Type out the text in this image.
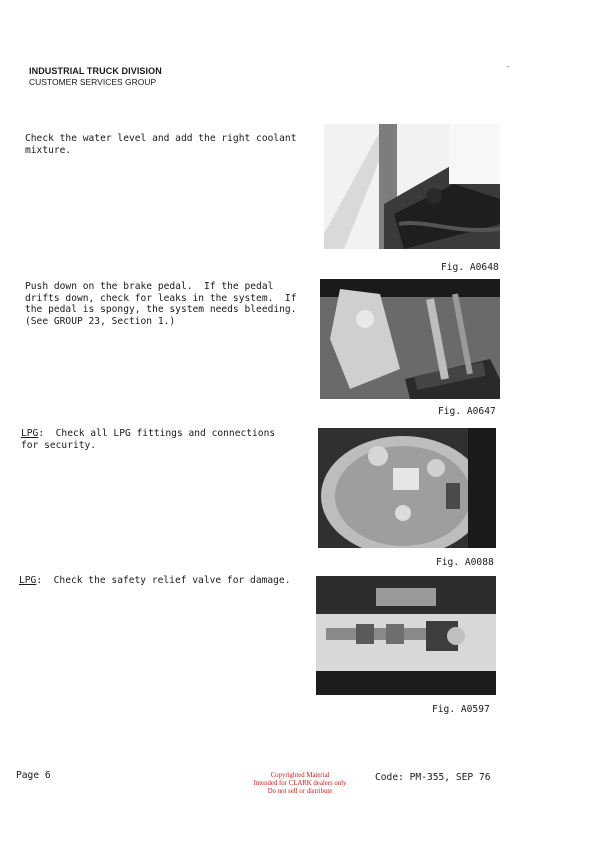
INDUSTRIAL TRUCK DIVISION
CUSTOMER SERVICES GROUP
-
Check the water level and add the right coolant
mixture.
Fig. A0648
Push down on the brake pedal.  If the pedal
drifts down, check for leaks in the system.  If
the pedal is spongy, the system needs bleeding.
(See GROUP 23, Section 1.)
Fig. A0647
LPG:  Check all LPG fittings and connections
for security.
Fig. A0088
LPG:  Check the safety relief valve for damage.
Fig. A0597
Page 6	Copyrighted Material
Intended for CLARK dealers only
Do not sell or distribute
Code: PM-355, SEP 76
